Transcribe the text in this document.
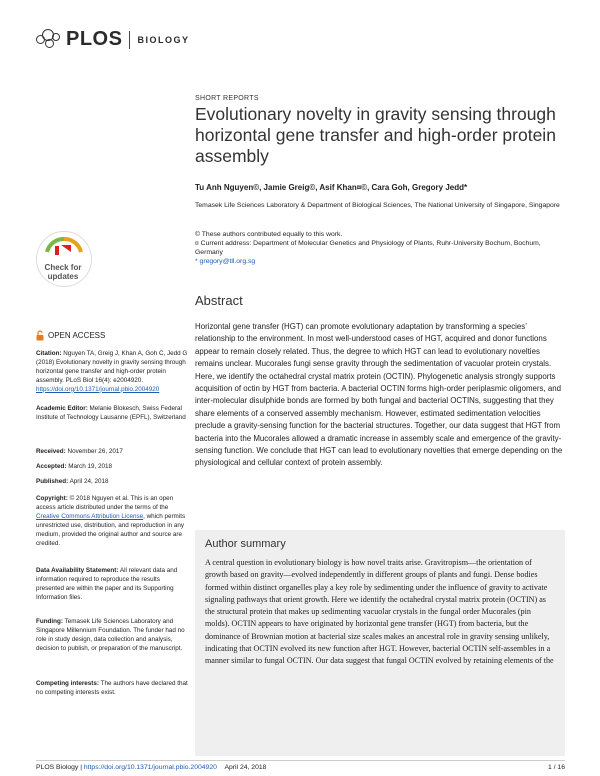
PLOS BIOLOGY
Check for updates
OPEN ACCESS
Citation: Nguyen TA, Greig J, Khan A, Goh C, Jedd G (2018) Evolutionary novelty in gravity sensing through horizontal gene transfer and high-order protein assembly. PLoS Biol 16(4): e2004920. https://doi.org/10.1371/journal.pbio.2004920
Academic Editor: Melanie Blokesch, Swiss Federal Institute of Technology Lausanne (EPFL), Switzerland
Received: November 26, 2017
Accepted: March 19, 2018
Published: April 24, 2018
Copyright: © 2018 Nguyen et al. This is an open access article distributed under the terms of the Creative Commons Attribution License, which permits unrestricted use, distribution, and reproduction in any medium, provided the original author and source are credited.
Data Availability Statement: All relevant data and information required to reproduce the results presented are within the paper and its Supporting Information files.
Funding: Temasek Life Sciences Laboratory and Singapore Millennium Foundation. The funder had no role in study design, data collection and analysis, decision to publish, or preparation of the manuscript.
Competing interests: The authors have declared that no competing interests exist.
SHORT REPORTS
Evolutionary novelty in gravity sensing through horizontal gene transfer and high-order protein assembly
Tu Anh Nguyen©, Jamie Greig©, Asif Khan¤©, Cara Goh, Gregory Jedd*
Temasek Life Sciences Laboratory & Department of Biological Sciences, The National University of Singapore, Singapore
© These authors contributed equally to this work.
¤ Current address: Department of Molecular Genetics and Physiology of Plants, Ruhr-University Bochum, Bochum, Germany
* gregory@tll.org.sg
Abstract
Horizontal gene transfer (HGT) can promote evolutionary adaptation by transforming a species’ relationship to the environment. In most well-understood cases of HGT, acquired and donor functions appear to remain closely related. Thus, the degree to which HGT can lead to evolutionary novelties remains unclear. Mucorales fungi sense gravity through the sedimentation of vacuolar protein crystals. Here, we identify the octahedral crystal matrix protein (OCTIN). Phylogenetic analysis strongly supports acquisition of octin by HGT from bacteria. A bacterial OCTIN forms high-order periplasmic oligomers, and inter-molecular disulphide bonds are formed by both fungal and bacterial OCTINs, suggesting that they share elements of a conserved assembly mechanism. However, estimated sedimentation velocities preclude a gravity-sensing function for the bacterial structures. Together, our data suggest that HGT from bacteria into the Mucorales allowed a dramatic increase in assembly scale and emergence of the gravity-sensing function. We conclude that HGT can lead to evolutionary novelties that emerge depending on the physiological and cellular context of protein assembly.
Author summary
A central question in evolutionary biology is how novel traits arise. Gravitropism—the orientation of growth based on gravity—evolved independently in different groups of plants and fungi. Dense bodies formed within distinct organelles play a key role by sedimenting under the influence of gravity to activate signaling pathways that orient growth. Here we identify the octahedral crystal matrix protein (OCTIN) as the structural protein that makes up sedimenting vacuolar crystals in the fungal order Mucorales (pin molds). OCTIN appears to have originated by horizontal gene transfer (HGT) from bacteria, but the dominance of Brownian motion at bacterial size scales makes an ancestral role in gravity sensing unlikely, indicating that OCTIN evolved its new function after HGT. However, bacterial OCTIN self-assembles in a manner similar to fungal OCTIN. Our data suggest that fungal OCTIN evolved by retaining elements of the
PLOS Biology | https://doi.org/10.1371/journal.pbio.2004920 April 24, 2018	1 / 16
